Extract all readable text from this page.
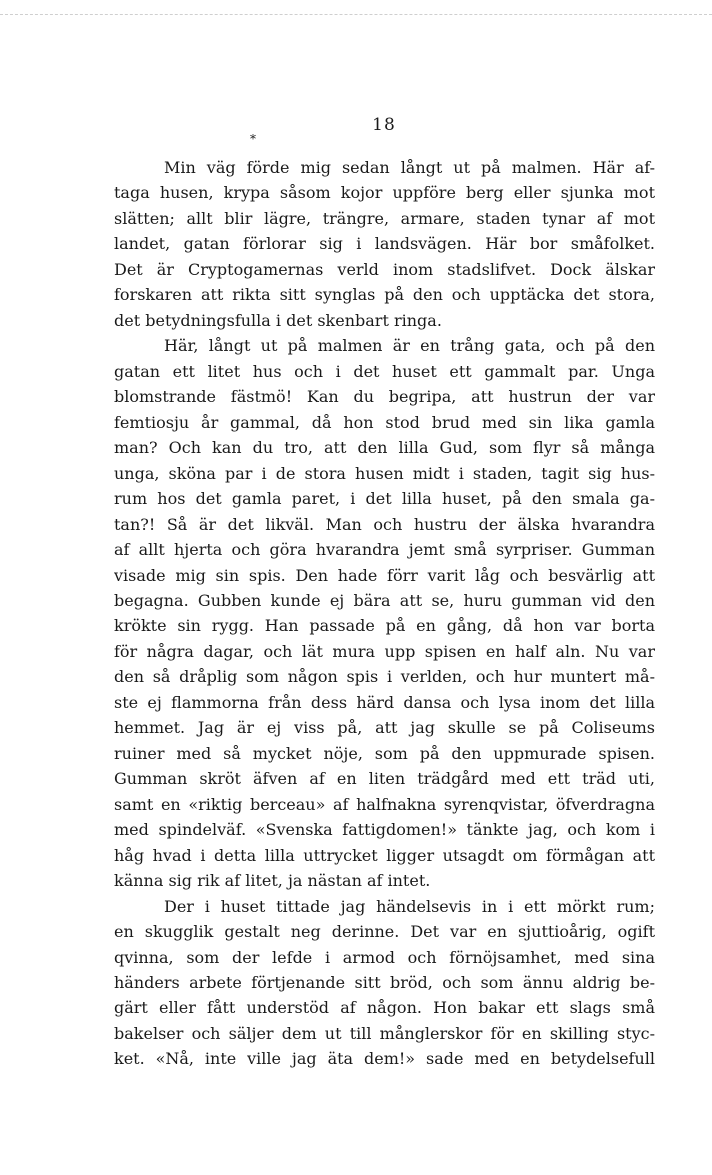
18
⁎
Min väg förde mig sedan långt ut på malmen. Här af-
taga husen, krypa såsom kojor uppföre berg eller sjunka mot
slätten; allt blir lägre, trängre, armare, staden tynar af mot
landet, gatan förlorar sig i landsvägen. Här bor småfolket.
Det är Cryptogamernas verld inom stadslifvet. Dock älskar
forskaren att rikta sitt synglas på den och upptäcka det stora,
det betydningsfulla i det skenbart ringa.
Här, långt ut på malmen är en trång gata, och på den
gatan ett litet hus och i det huset ett gammalt par. Unga
blomstrande fästmö! Kan du begripa, att hustrun der var
femtiosju år gammal, då hon stod brud med sin lika gamla
man? Och kan du tro, att den lilla Gud, som flyr så många
unga, sköna par i de stora husen midt i staden, tagit sig hus-
rum hos det gamla paret, i det lilla huset, på den smala ga-
tan?! Så är det likväl. Man och hustru der älska hvarandra
af allt hjerta och göra hvarandra jemt små syrpriser. Gumman
visade mig sin spis. Den hade förr varit låg och besvärlig att
begagna. Gubben kunde ej bära att se, huru gumman vid den
krökte sin rygg. Han passade på en gång, då hon var borta
för några dagar, och lät mura upp spisen en half aln. Nu var
den så dråplig som någon spis i verlden, och hur muntert må-
ste ej flammorna från dess härd dansa och lysa inom det lilla
hemmet. Jag är ej viss på, att jag skulle se på Coliseums
ruiner med så mycket nöje, som på den uppmurade spisen.
Gumman skröt äfven af en liten trädgård med ett träd uti,
samt en «riktig berceau» af halfnakna syrenqvistar, öfverdragna
med spindelväf. «Svenska fattigdomen!» tänkte jag, och kom i
håg hvad i detta lilla uttrycket ligger utsagdt om förmågan att
känna sig rik af litet, ja nästan af intet.
Der i huset tittade jag händelsevis in i ett mörkt rum;
en skugglik gestalt neg derinne. Det var en sjuttioårig, ogift
qvinna, som der lefde i armod och förnöjsamhet, med sina
händers arbete förtjenande sitt bröd, och som ännu aldrig be-
gärt eller fått understöd af någon. Hon bakar ett slags små
bakelser och säljer dem ut till månglerskor för en skilling styc-
ket. «Nå, inte ville jag äta dem!» sade med en betydelsefull
